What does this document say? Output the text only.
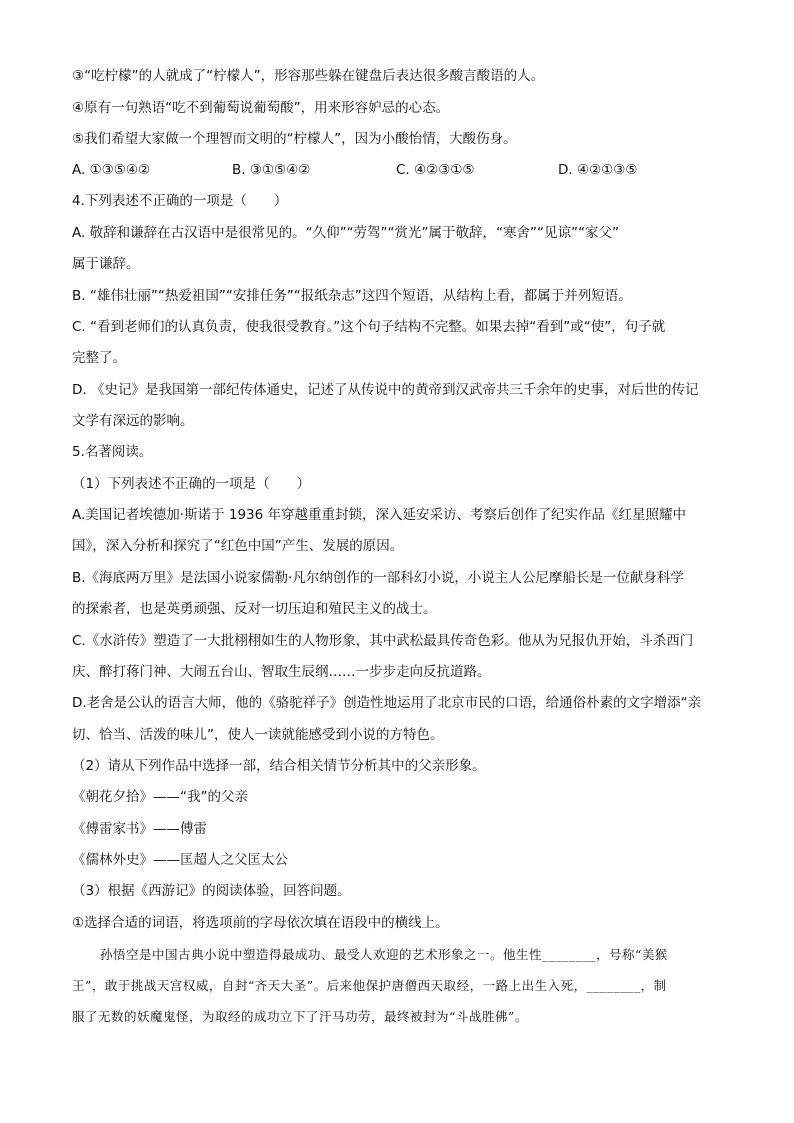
③“吃柠檬”的人就成了“柠檬人”，形容那些躲在键盘后表达很多酸言酸语的人。
④原有一句熟语“吃不到葡萄说葡萄酸”，用来形容妒忌的心态。
⑤我们希望大家做一个理智而文明的“柠檬人”，因为小酸怡情，大酸伤身。
A. ①③⑤④②	B. ③①⑤④②	C. ④②③①⑤	D. ④②①③⑤
4.下列表述不正确的一项是（　　）
A. 敬辞和谦辞在古汉语中是很常见的。“久仰”“劳驾”“赏光”属于敬辞，“寒舍”“见谅”“家父”
属于谦辞。
B. “雄伟壮丽”“热爱祖国”“安排任务”“报纸杂志”这四个短语，从结构上看，都属于并列短语。
C. “看到老师们的认真负责，使我很受教育。”这个句子结构不完整。如果去掉“看到”或“使”，句子就
完整了。
D. 《史记》是我国第一部纪传体通史，记述了从传说中的黄帝到汉武帝共三千余年的史事，对后世的传记
文学有深远的影响。
5.名著阅读。
（1）下列表述不正确的一项是（　　）
A.美国记者埃德加·斯诺于 1936 年穿越重重封锁，深入延安采访、考察后创作了纪实作品《红星照耀中
国》，深入分析和探究了“红色中国”产生、发展的原因。
B.《海底两万里》是法国小说家儒勒·凡尔纳创作的一部科幻小说，小说主人公尼摩船长是一位献身科学
的探索者，也是英勇顽强、反对一切压迫和殖民主义的战士。
C.《水浒传》塑造了一大批栩栩如生的人物形象，其中武松最具传奇色彩。他从为兄报仇开始，斗杀西门
庆、醉打蒋门神、大闹五台山、智取生辰纲……一步步走向反抗道路。
D.老舍是公认的语言大师，他的《骆驼祥子》创造性地运用了北京市民的口语，给通俗朴素的文字增添“亲
切、恰当、活泼的味儿”，使人一读就能感受到小说的方特色。
（2）请从下列作品中选择一部，结合相关情节分析其中的父亲形象。
《朝花夕拾》——“我”的父亲
《傅雷家书》——傅雷
《儒林外史》——匡超人之父匡太公
（3）根据《西游记》的阅读体验，回答问题。
①选择合适的词语，将选项前的字母依次填在语段中的横线上。
孙悟空是中国古典小说中塑造得最成功、最受人欢迎的艺术形象之一。他生性________，号称“美猴
王”，敢于挑战天宫权威，自封“齐天大圣”。后来他保护唐僧西天取经，一路上出生入死，________，制
服了无数的妖魔鬼怪，为取经的成功立下了汗马功劳，最终被封为“斗战胜佛”。
